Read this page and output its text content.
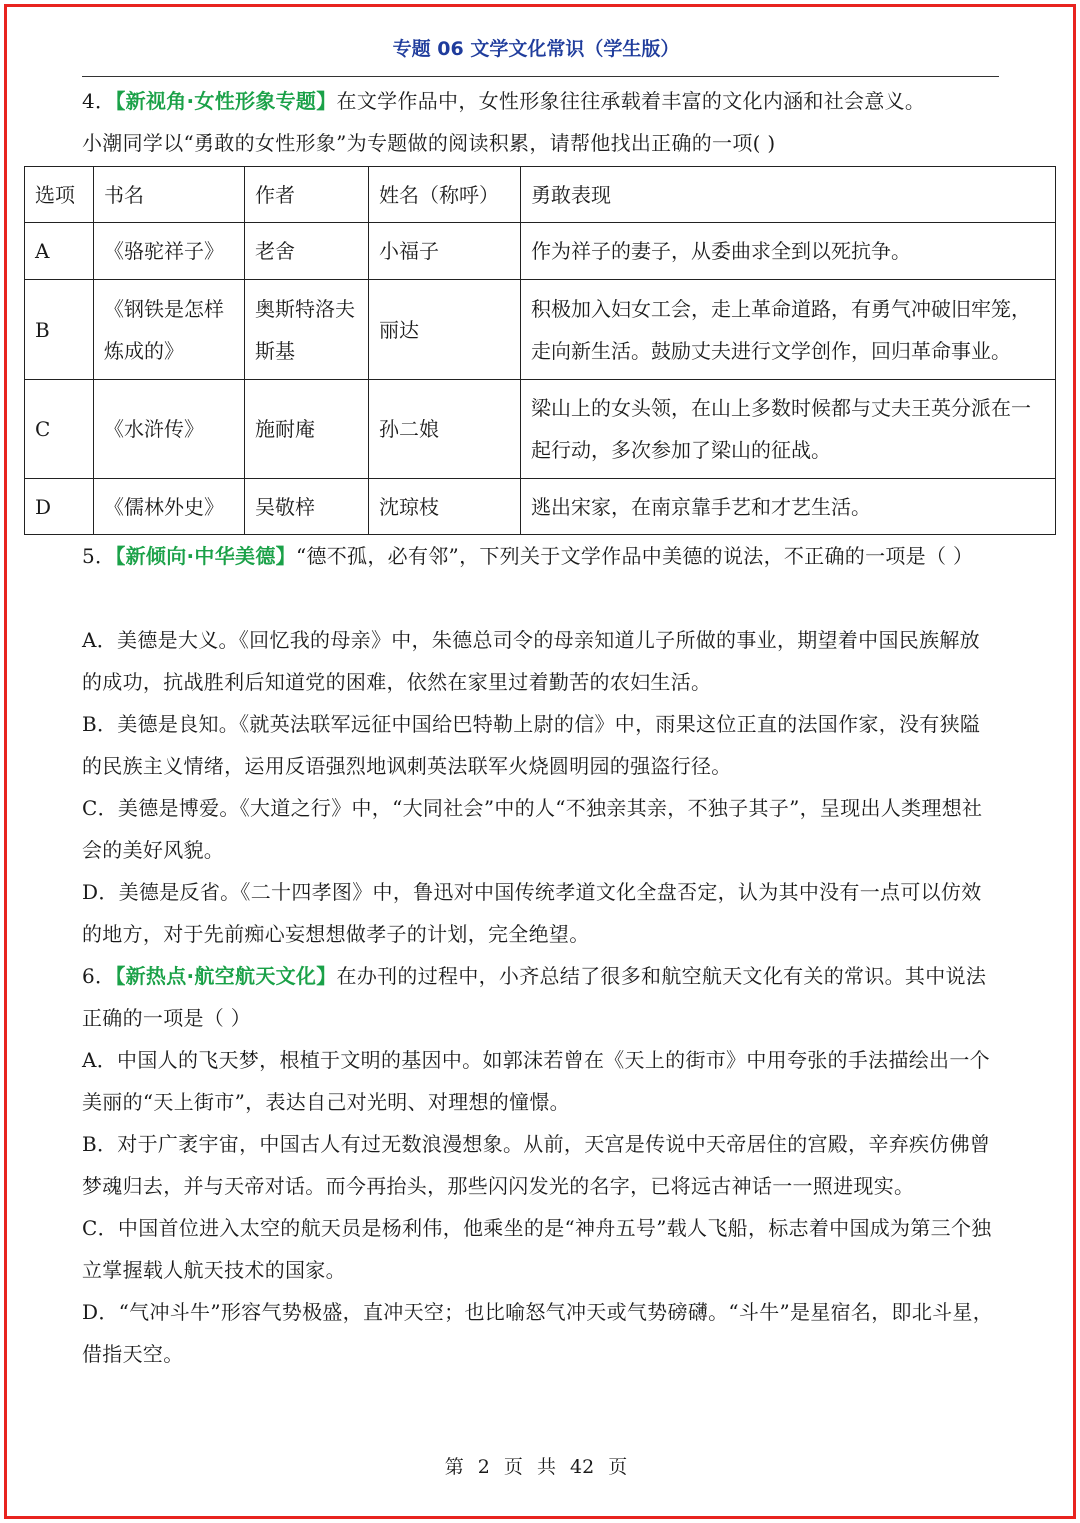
专题 06 文学文化常识（学生版）
4．【新视角·女性形象专题】在文学作品中，女性形象往往承载着丰富的文化内涵和社会意义。
小潮同学以“勇敢的女性形象”为专题做的阅读积累，请帮他找出正确的一项( )
选项	书名	作者	姓名（称呼）	勇敢表现
A	《骆驼祥子》	老舍	小福子	作为祥子的妻子，从委曲求全到以死抗争。
B	《钢铁是怎样炼成的》	奥斯特洛夫斯基	丽达	积极加入妇女工会，走上革命道路，有勇气冲破旧牢笼，走向新生活。鼓励丈夫进行文学创作，回归革命事业。
C	《水浒传》	施耐庵	孙二娘	梁山上的女头领，在山上多数时候都与丈夫王英分派在一起行动，多次参加了梁山的征战。
D	《儒林外史》	吴敬梓	沈琼枝	逃出宋家，在南京靠手艺和才艺生活。
5．【新倾向·中华美德】“德不孤，必有邻”，下列关于文学作品中美德的说法，不正确的一项是（ ）
A．美德是大义。《回忆我的母亲》中，朱德总司令的母亲知道儿子所做的事业，期望着中国民族解放的成功，抗战胜利后知道党的困难，依然在家里过着勤苦的农妇生活。
B．美德是良知。《就英法联军远征中国给巴特勒上尉的信》中，雨果这位正直的法国作家，没有狭隘的民族主义情绪，运用反语强烈地讽刺英法联军火烧圆明园的强盗行径。
C．美德是博爱。《大道之行》中，“大同社会”中的人“不独亲其亲，不独子其子”，呈现出人类理想社会的美好风貌。
D．美德是反省。《二十四孝图》中，鲁迅对中国传统孝道文化全盘否定，认为其中没有一点可以仿效的地方，对于先前痴心妄想想做孝子的计划，完全绝望。
6．【新热点·航空航天文化】在办刊的过程中，小齐总结了很多和航空航天文化有关的常识。其中说法正确的一项是（ ）
A．中国人的飞天梦，根植于文明的基因中。如郭沫若曾在《天上的街市》中用夸张的手法描绘出一个美丽的“天上街市”，表达自己对光明、对理想的憧憬。
B．对于广袤宇宙，中国古人有过无数浪漫想象。从前，天宫是传说中天帝居住的宫殿，辛弃疾仿佛曾梦魂归去，并与天帝对话。而今再抬头，那些闪闪发光的名字，已将远古神话一一照进现实。
C．中国首位进入太空的航天员是杨利伟，他乘坐的是“神舟五号”载人飞船，标志着中国成为第三个独立掌握载人航天技术的国家。
D．“气冲斗牛”形容气势极盛，直冲天空；也比喻怒气冲天或气势磅礴。“斗牛”是星宿名，即北斗星，借指天空。
第 2 页 共 42 页
